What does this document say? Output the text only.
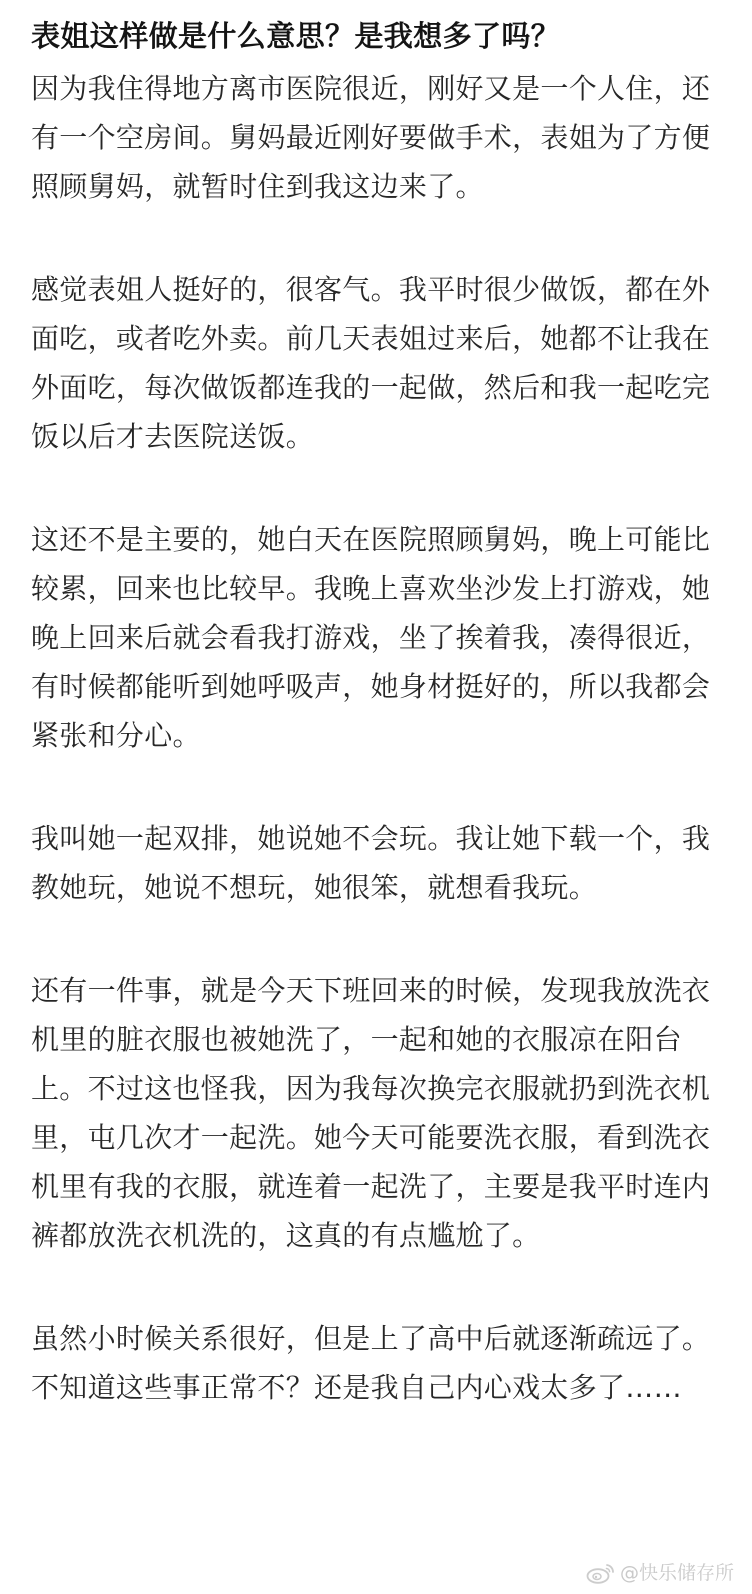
表姐这样做是什么意思？是我想多了吗？

因为我住得地方离市医院很近，刚好又是一个人住，还有一个空房间。舅妈最近刚好要做手术，表姐为了方便照顾舅妈，就暂时住到我这边来了。

感觉表姐人挺好的，很客气。我平时很少做饭，都在外面吃，或者吃外卖。前几天表姐过来后，她都不让我在外面吃，每次做饭都连我的一起做，然后和我一起吃完饭以后才去医院送饭。

这还不是主要的，她白天在医院照顾舅妈，晚上可能比较累，回来也比较早。我晚上喜欢坐沙发上打游戏，她晚上回来后就会看我打游戏，坐了挨着我，凑得很近，有时候都能听到她呼吸声，她身材挺好的，所以我都会紧张和分心。

我叫她一起双排，她说她不会玩。我让她下载一个，我教她玩，她说不想玩，她很笨，就想看我玩。

还有一件事，就是今天下班回来的时候，发现我放洗衣机里的脏衣服也被她洗了，一起和她的衣服凉在阳台上。不过这也怪我，因为我每次换完衣服就扔到洗衣机里，屯几次才一起洗。她今天可能要洗衣服，看到洗衣机里有我的衣服，就连着一起洗了，主要是我平时连内裤都放洗衣机洗的，这真的有点尴尬了。

虽然小时候关系很好，但是上了高中后就逐渐疏远了。不知道这些事正常不？还是我自己内心戏太多了……

@快乐储存所
